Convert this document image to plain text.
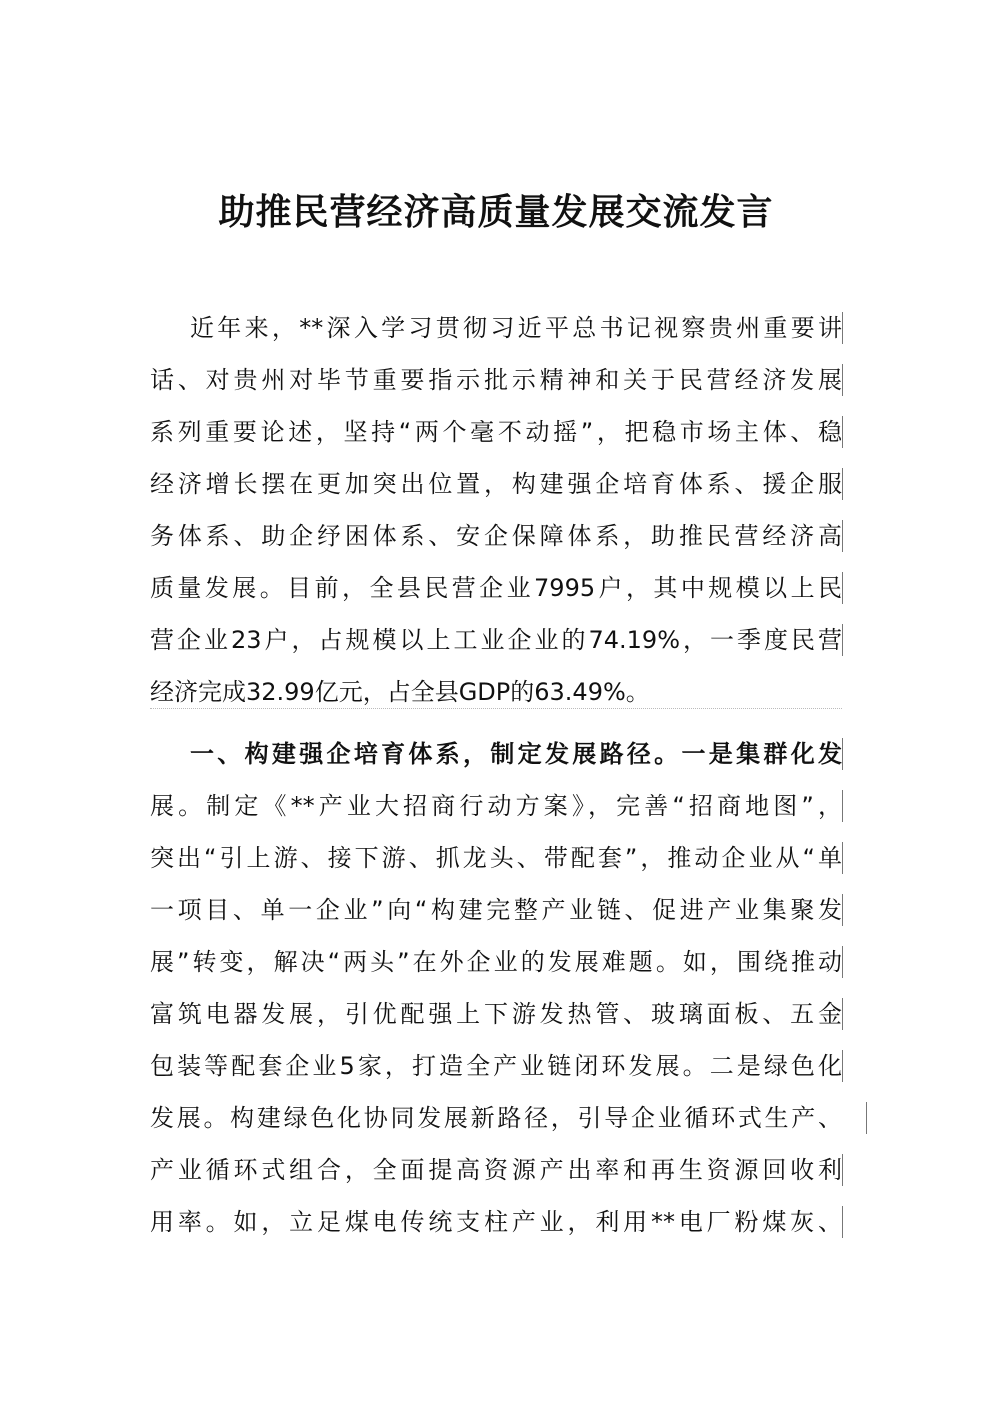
助推民营经济高质量发展交流发言
近年来，**深入学习贯彻习近平总书记视察贵州重要讲
话、对贵州对毕节重要指示批示精神和关于民营经济发展
系列重要论述，坚持“两个毫不动摇”，把稳市场主体、稳
经济增长摆在更加突出位置，构建强企培育体系、援企服
务体系、助企纾困体系、安企保障体系，助推民营经济高
质量发展。目前，全县民营企业7995户，其中规模以上民
营企业23户，占规模以上工业企业的74.19%，一季度民营
经济完成32.99亿元，占全县GDP的63.49%。
一、构建强企培育体系，制定发展路径。一是集群化发
展。制定《**产业大招商行动方案》，完善“招商地图”，
突出“引上游、接下游、抓龙头、带配套”，推动企业从“单
一项目、单一企业”向“构建完整产业链、促进产业集聚发
展”转变，解决“两头”在外企业的发展难题。如，围绕推动
富筑电器发展，引优配强上下游发热管、玻璃面板、五金
包装等配套企业5家，打造全产业链闭环发展。二是绿色化
发展。构建绿色化协同发展新路径，引导企业循环式生产、
产业循环式组合，全面提高资源产出率和再生资源回收利
用率。如，立足煤电传统支柱产业，利用**电厂粉煤灰、
